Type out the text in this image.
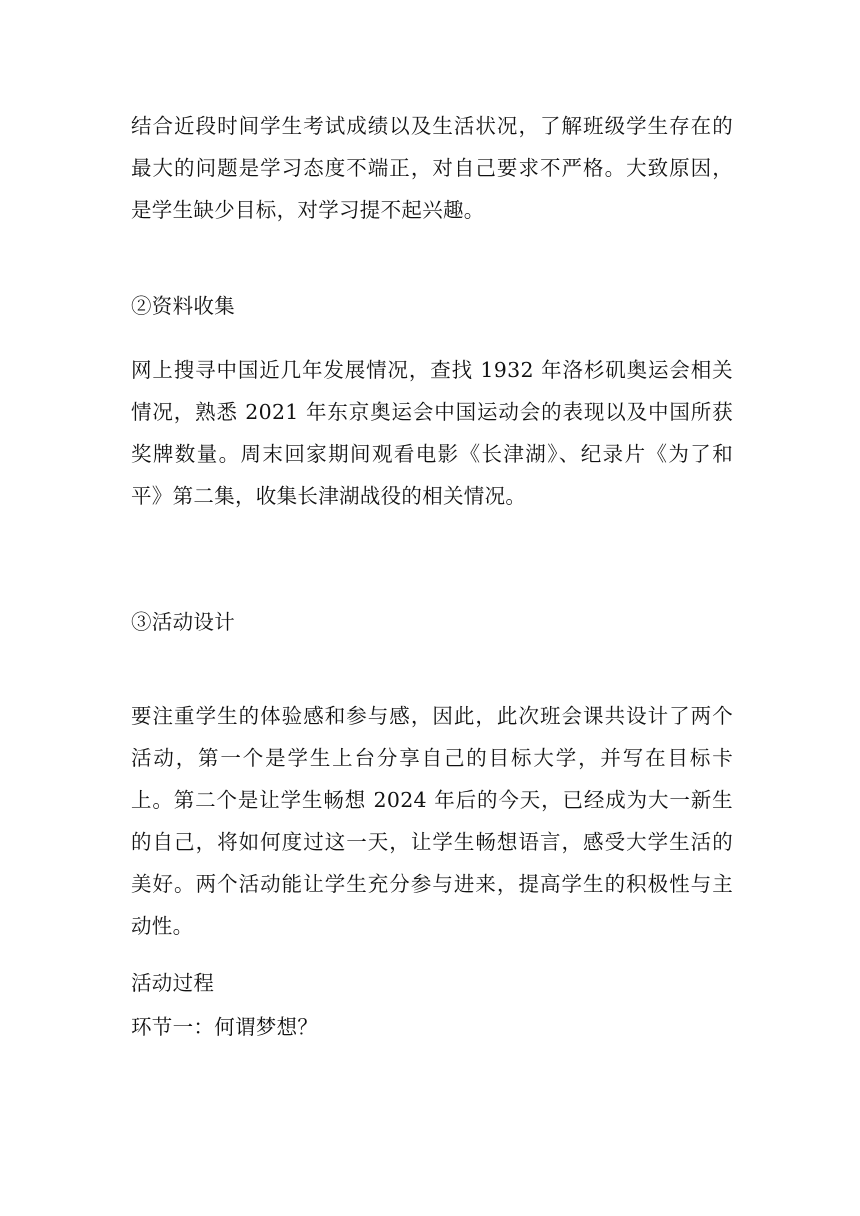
结合近段时间学生考试成绩以及生活状况，了解班级学生存在的最大的问题是学习态度不端正，对自己要求不严格。大致原因，是学生缺少目标，对学习提不起兴趣。

②资料收集

网上搜寻中国近几年发展情况，查找 1932 年洛杉矶奥运会相关情况，熟悉 2021 年东京奥运会中国运动会的表现以及中国所获奖牌数量。周末回家期间观看电影《长津湖》、纪录片《为了和平》第二集，收集长津湖战役的相关情况。

③活动设计

要注重学生的体验感和参与感，因此，此次班会课共设计了两个活动，第一个是学生上台分享自己的目标大学，并写在目标卡上。第二个是让学生畅想 2024 年后的今天，已经成为大一新生的自己，将如何度过这一天，让学生畅想语言，感受大学生活的美好。两个活动能让学生充分参与进来，提高学生的积极性与主动性。

活动过程

环节一：何谓梦想？
